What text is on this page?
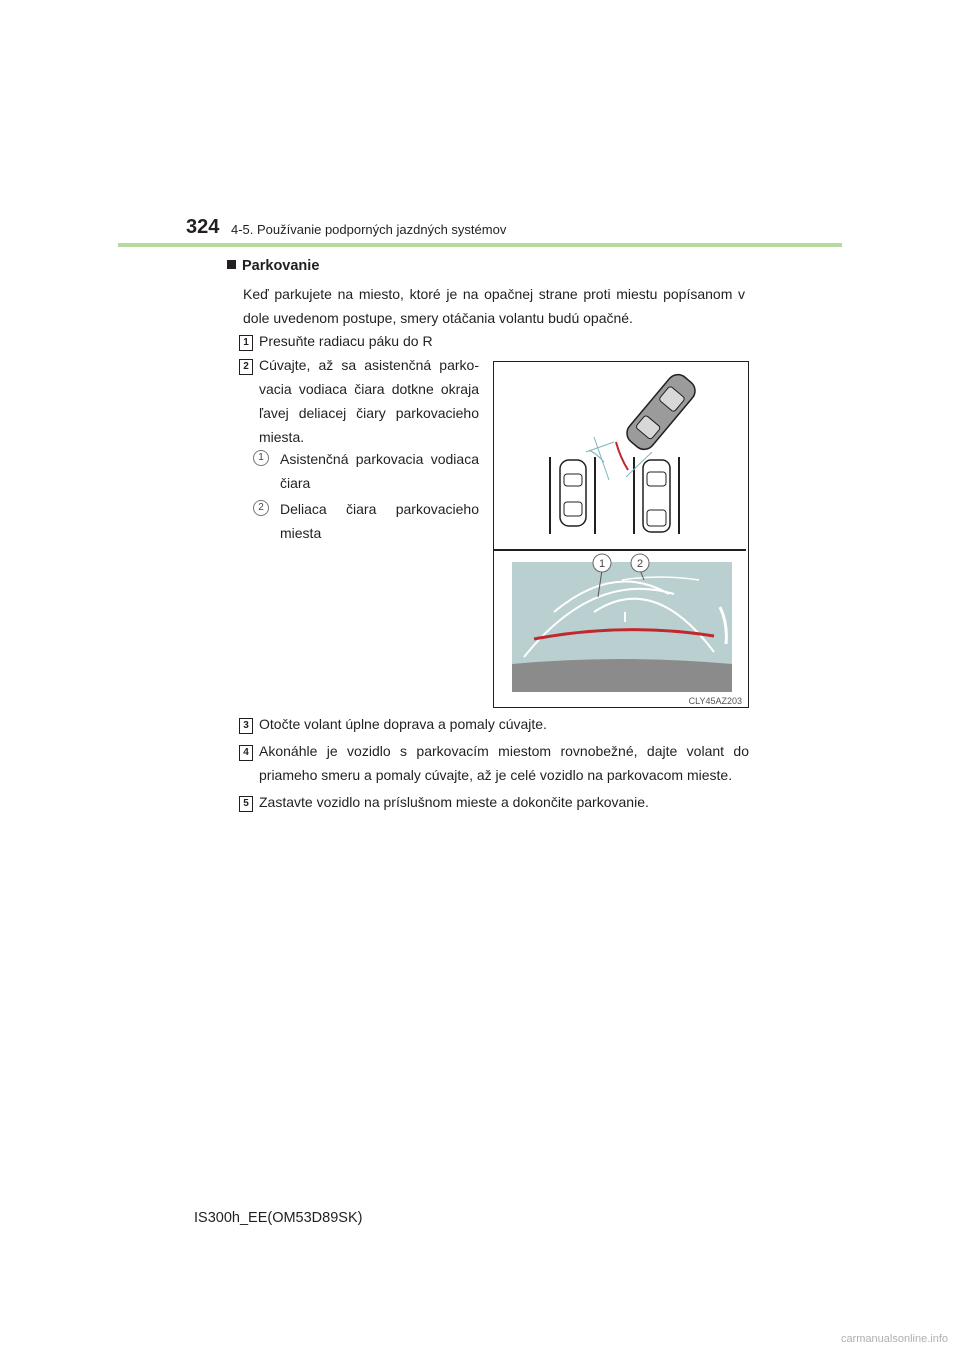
324 4-5. Používanie podporných jazdných systémov
Parkovanie
Keď parkujete na miesto, ktoré je na opačnej strane proti miestu popísanom v dole uvedenom postupe, smery otáčania volantu budú opačné.
1 Presuňte radiacu páku do R
2 Cúvajte, až sa asistenčná parko-vacia vodiaca čiara dotkne okraja ľavej deliacej čiary parkovacieho miesta.
1	Asistenčná parkovacia vodiaca čiara
2	Deliaca čiara parkovacieho miesta
1	2
CLY45AZ203
3 Otočte volant úplne doprava a pomaly cúvajte.
4 Akonáhle je vozidlo s parkovacím miestom rovnobežné, dajte volant do priameho smeru a pomaly cúvajte, až je celé vozidlo na parkovacom mieste.
5 Zastavte vozidlo na príslušnom mieste a dokončite parkovanie.
IS300h_EE(OM53D89SK)
carmanualsonline.info
